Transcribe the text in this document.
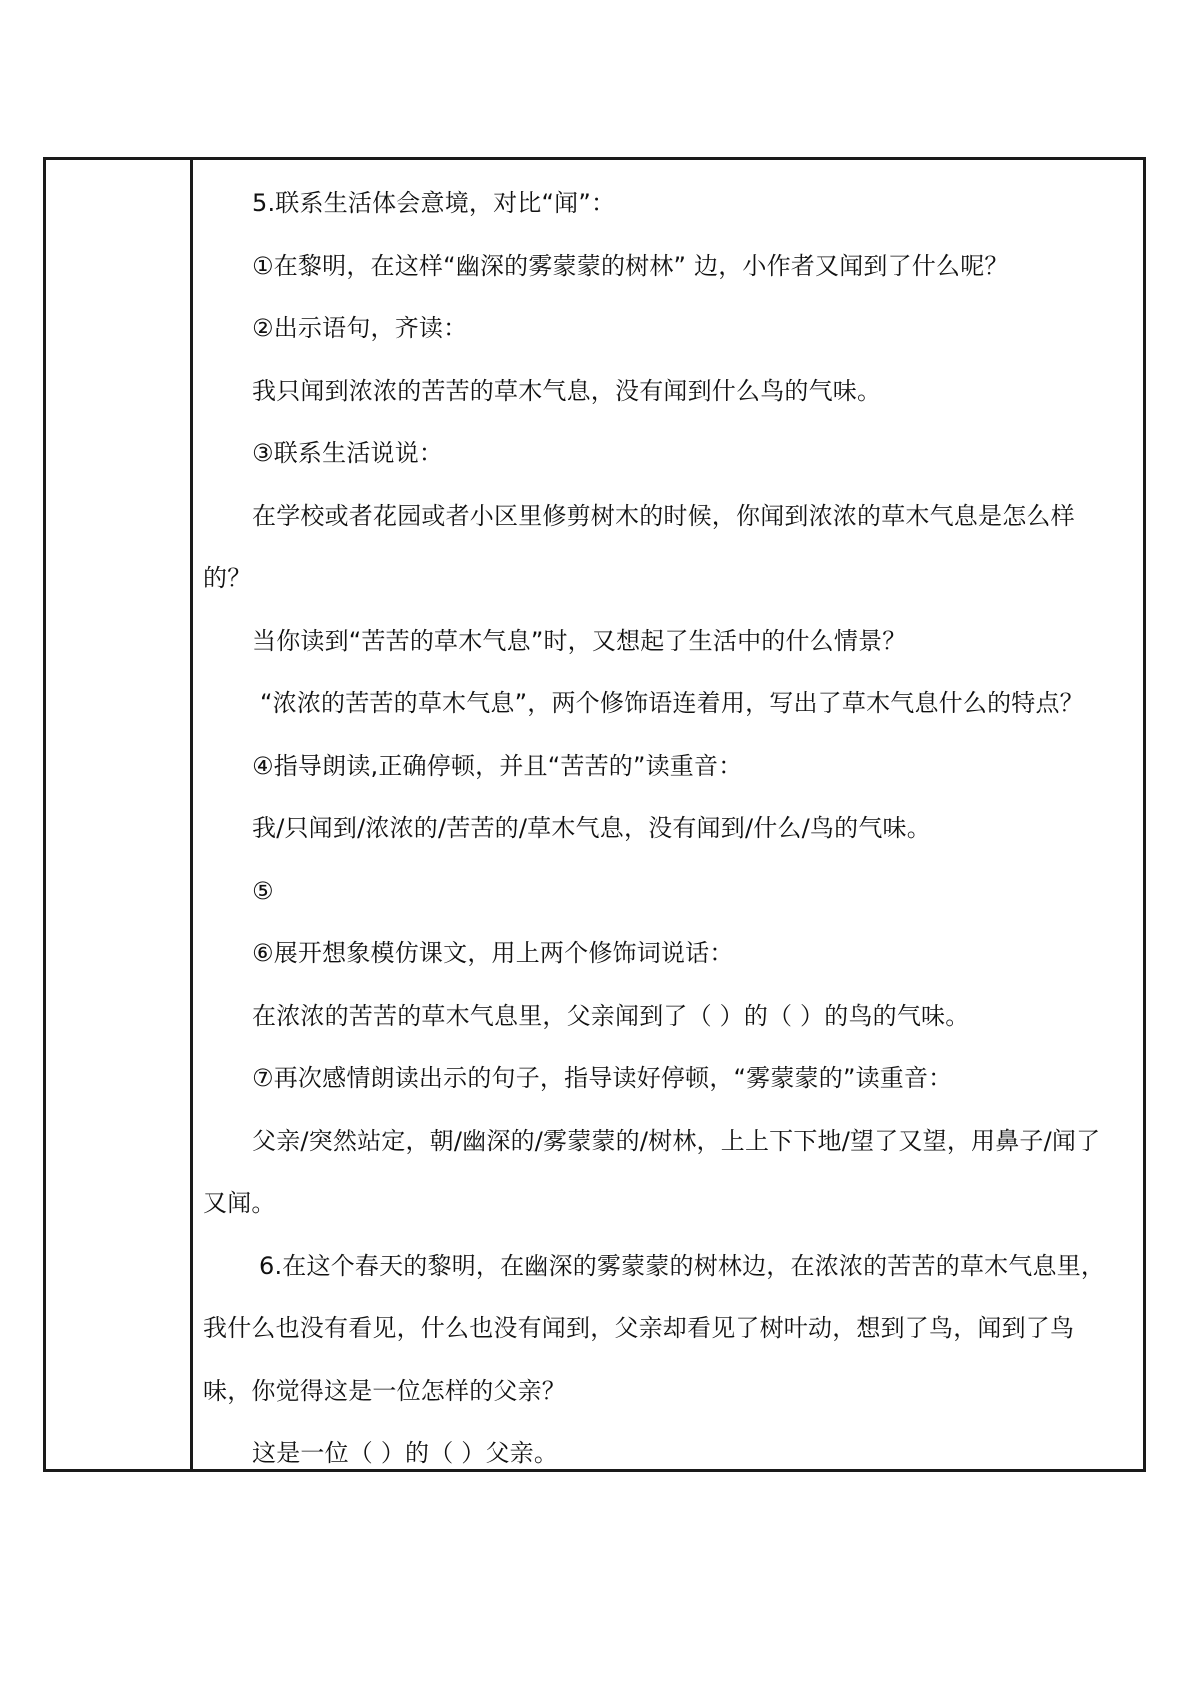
5.联系生活体会意境，对比“闻”：
①在黎明，在这样“幽深的雾蒙蒙的树林” 边，小作者又闻到了什么呢？
②出示语句，齐读：
我只闻到浓浓的苦苦的草木气息，没有闻到什么鸟的气味。
③联系生活说说：
在学校或者花园或者小区里修剪树木的时候，你闻到浓浓的草木气息是怎么样
的？
当你读到“苦苦的草木气息”时，又想起了生活中的什么情景？
“浓浓的苦苦的草木气息”，两个修饰语连着用，写出了草木气息什么的特点？
④指导朗读,正确停顿，并且“苦苦的”读重音：
我/只闻到/浓浓的/苦苦的/草木气息，没有闻到/什么/鸟的气味。
⑤
⑥展开想象模仿课文，用上两个修饰词说话：
在浓浓的苦苦的草木气息里，父亲闻到了（ ）的（ ）的鸟的气味。
⑦再次感情朗读出示的句子，指导读好停顿，“雾蒙蒙的”读重音：
父亲/突然站定，朝/幽深的/雾蒙蒙的/树林，上上下下地/望了又望，用鼻子/闻了
又闻。
6.在这个春天的黎明，在幽深的雾蒙蒙的树林边，在浓浓的苦苦的草木气息里，
我什么也没有看见，什么也没有闻到，父亲却看见了树叶动，想到了鸟，闻到了鸟
味，你觉得这是一位怎样的父亲？
这是一位（ ）的（ ）父亲。
